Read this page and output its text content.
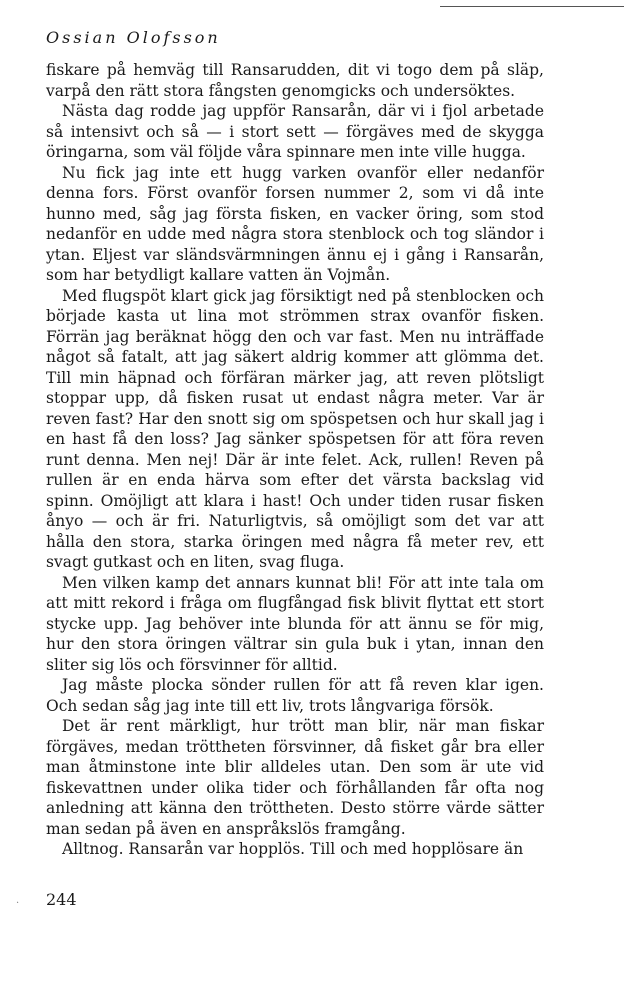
Ossian Olofsson

fiskare på hemväg till Ransarudden, dit vi togo dem på släp, varpå den rätt stora fångsten genomgicks och undersöktes.

Nästa dag rodde jag uppför Ransarån, där vi i fjol arbetade så intensivt och så — i stort sett — förgäves med de skygga öringarna, som väl följde våra spinnare men inte ville hugga.

Nu fick jag inte ett hugg varken ovanför eller nedanför denna fors. Först ovanför forsen nummer 2, som vi då inte hunno med, såg jag första fisken, en vacker öring, som stod nedanför en udde med några stora stenblock och tog sländor i ytan. Eljest var sländsvärmningen ännu ej i gång i Ransarån, som har betydligt kallare vatten än Vojmån.

Med flugspöt klart gick jag försiktigt ned på stenblocken och började kasta ut lina mot strömmen strax ovanför fisken. Förrän jag beräknat högg den och var fast. Men nu inträffade något så fatalt, att jag säkert aldrig kommer att glömma det. Till min häpnad och förfäran märker jag, att reven plötsligt stoppar upp, då fisken rusat ut endast några meter. Var är reven fast? Har den snott sig om spöspetsen och hur skall jag i en hast få den loss? Jag sänker spöspetsen för att föra reven runt denna. Men nej! Där är inte felet. Ack, rullen! Reven på rullen är en enda härva som efter det värsta backslag vid spinn. Omöjligt att klara i hast! Och under tiden rusar fisken ånyo — och är fri. Naturligtvis, så omöjligt som det var att hålla den stora, starka öringen med några få meter rev, ett svagt gutkast och en liten, svag fluga.

Men vilken kamp det annars kunnat bli! För att inte tala om att mitt rekord i fråga om flugfångad fisk blivit flyttat ett stort stycke upp. Jag behöver inte blunda för att ännu se för mig, hur den stora öringen vältrar sin gula buk i ytan, innan den sliter sig lös och försvinner för alltid.

Jag måste plocka sönder rullen för att få reven klar igen. Och sedan såg jag inte till ett liv, trots långvariga försök.

Det är rent märkligt, hur trött man blir, när man fiskar förgäves, medan tröttheten försvinner, då fisket går bra eller man åtminstone inte blir alldeles utan. Den som är ute vid fiskevattnen under olika tider och förhållanden får ofta nog anledning att känna den tröttheten. Desto större värde sätter man sedan på även en anspråkslös framgång.

Alltnog. Ransarån var hopplös. Till och med hopplösare än

· 244
